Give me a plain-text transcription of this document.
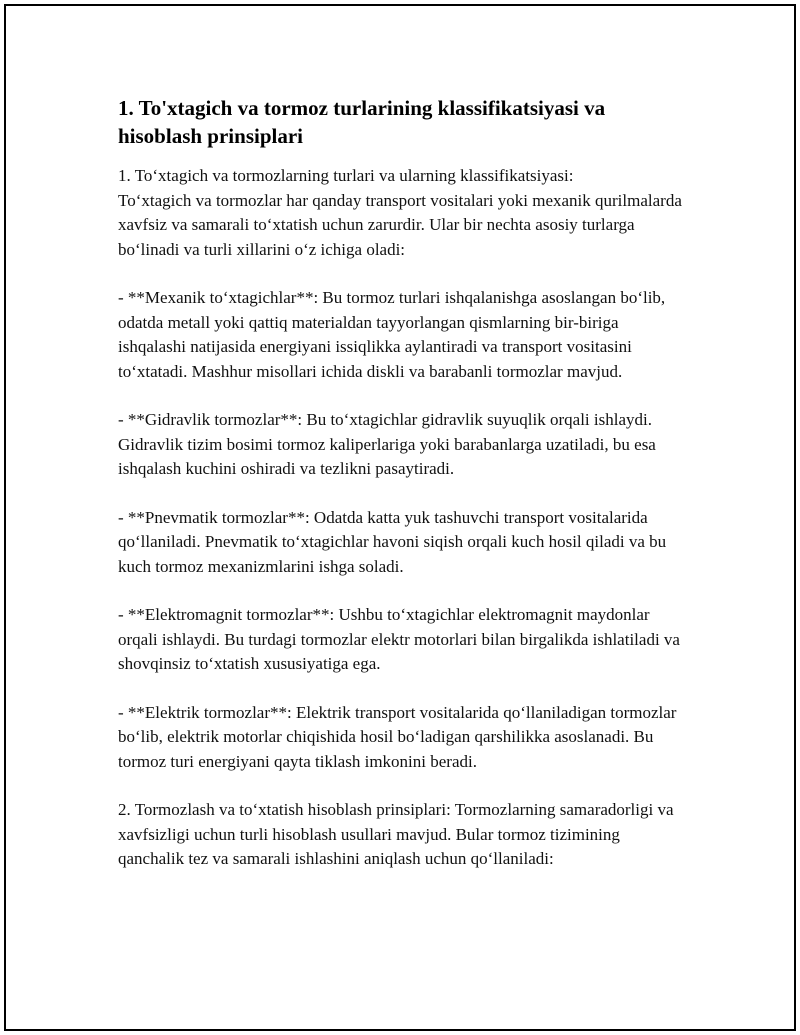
1. To'xtagich va tormoz turlarining klassifikatsiyasi va hisoblash prinsiplari

1. To‘xtagich va tormozlarning turlari va ularning klassifikatsiyasi:
To‘xtagich va tormozlar har qanday transport vositalari yoki mexanik qurilmalarda xavfsiz va samarali to‘xtatish uchun zarurdir. Ular bir nechta asosiy turlarga bo‘linadi va turli xillarini o‘z ichiga oladi:

- **Mexanik to‘xtagichlar**: Bu tormoz turlari ishqalanishga asoslangan bo‘lib, odatda metall yoki qattiq materialdan tayyorlangan qismlarning bir-biriga ishqalashi natijasida energiyani issiqlikka aylantiradi va transport vositasini to‘xtatadi. Mashhur misollari ichida diskli va barabanli tormozlar mavjud.

- **Gidravlik tormozlar**: Bu to‘xtagichlar gidravlik suyuqlik orqali ishlaydi. Gidravlik tizim bosimi tormoz kaliperlariga yoki barabanlarga uzatiladi, bu esa ishqalash kuchini oshiradi va tezlikni pasaytiradi.

- **Pnevmatik tormozlar**: Odatda katta yuk tashuvchi transport vositalarida qo‘llaniladi. Pnevmatik to‘xtagichlar havoni siqish orqali kuch hosil qiladi va bu kuch tormoz mexanizmlarini ishga soladi.

- **Elektromagnit tormozlar**: Ushbu to‘xtagichlar elektromagnit maydonlar orqali ishlaydi. Bu turdagi tormozlar elektr motorlari bilan birgalikda ishlatiladi va shovqinsiz to‘xtatish xususiyatiga ega.

- **Elektrik tormozlar**: Elektrik transport vositalarida qo‘llaniladigan tormozlar bo‘lib, elektrik motorlar chiqishida hosil bo‘ladigan qarshilikka asoslanadi. Bu tormoz turi energiyani qayta tiklash imkonini beradi.

2. Tormozlash va to‘xtatish hisoblash prinsiplari: Tormozlarning samaradorligi va xavfsizligi uchun turli hisoblash usullari mavjud. Bular tormoz tizimining qanchalik tez va samarali ishlashini aniqlash uchun qo‘llaniladi:
